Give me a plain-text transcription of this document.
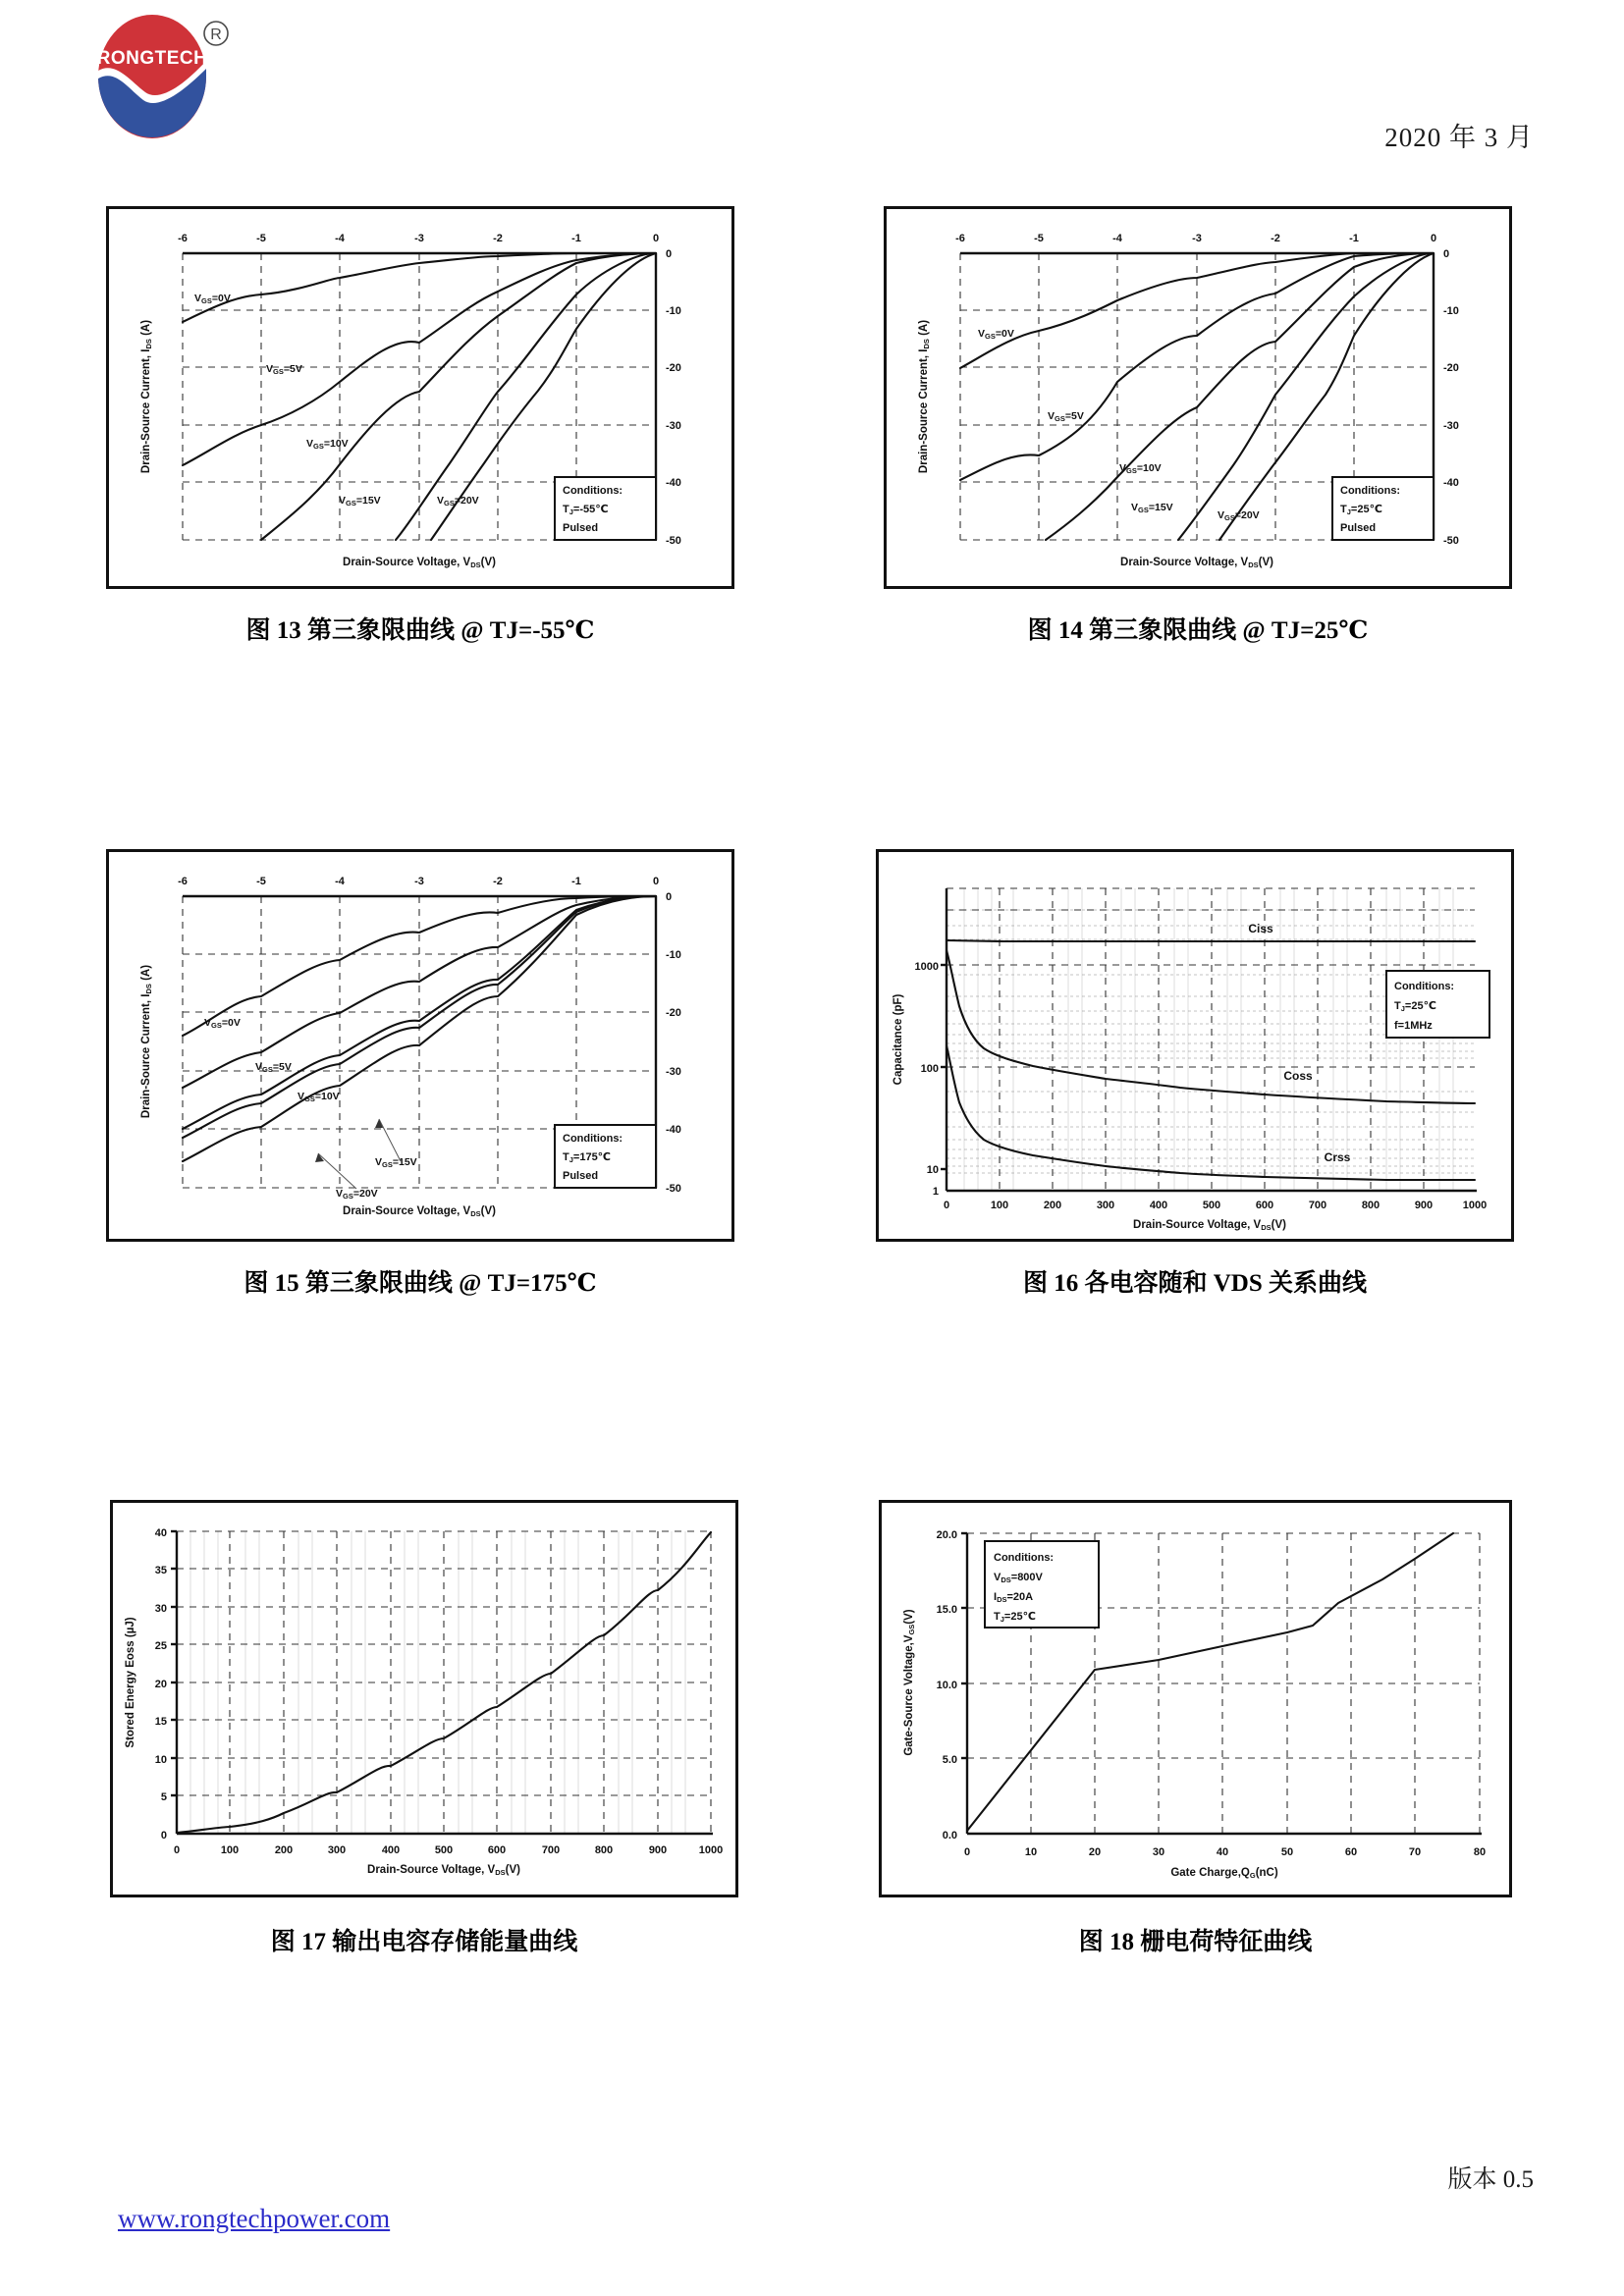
RONGTECH
R
2020 年 3 月
-6	-5	-4	-3	-2	-1	0
0
-10
-20
-30
-40
-50
Drain-Source Voltage, VDS(V)
Drain-Source Current, IDS (A)
VGS=0V
VGS=5V
VGS=10V
VGS=15V	VGS=20V
Conditions:
TJ=-55℃
Pulsed
图 13 第三象限曲线 @ TJ=-55℃
-6	-5	-4	-3	-2	-1	0
0
-10
-20
-30
-40
-50
Drain-Source Voltage, VDS(V)
Drain-Source Current, IDS (A)	VGS=0V
VGS=5V
VGS=10V
VGS=15V
VGS=20V
Conditions:
TJ=25℃
Pulsed
图 14 第三象限曲线 @ TJ=25℃
-6	-5	-4	-3	-2	-1	0
0
-10
-20
-30
-40
-50
Drain-Source Voltage, VDS(V)
Drain-Source Current, IDS (A)
VGS=0V
VGS=5V
VGS=10V
VGS=15V
VGS=20V
Conditions:
TJ=175℃
Pulsed
图 15 第三象限曲线 @ TJ=175℃
1000
100
10
1
0	100	200	300	400	500	600	700	800	900	1000
Drain-Source Voltage, VDS(V)
Capacitance (pF)
Ciss
Coss
Crss
Conditions:
TJ=25℃
f=1MHz
图 16 各电容随和 VDS 关系曲线
40
35
30
25
20
15
10
5
0
0	100	200	300	400	500	600	700	800	900	1000
Drain-Source Voltage, VDS(V)
Stored Energy Eoss (µJ)
图 17 输出电容存储能量曲线
20.0
15.0
10.0
5.0
0.0
0	10	20	30	40	50	60	70	80
Gate Charge,QG(nC)
Gate-Source Voltage,VGS(V)
Conditions:
VDS=800V
IDS=20A
TJ=25℃
图 18 栅电荷特征曲线
版本 0.5
www.rongtechpower.com
